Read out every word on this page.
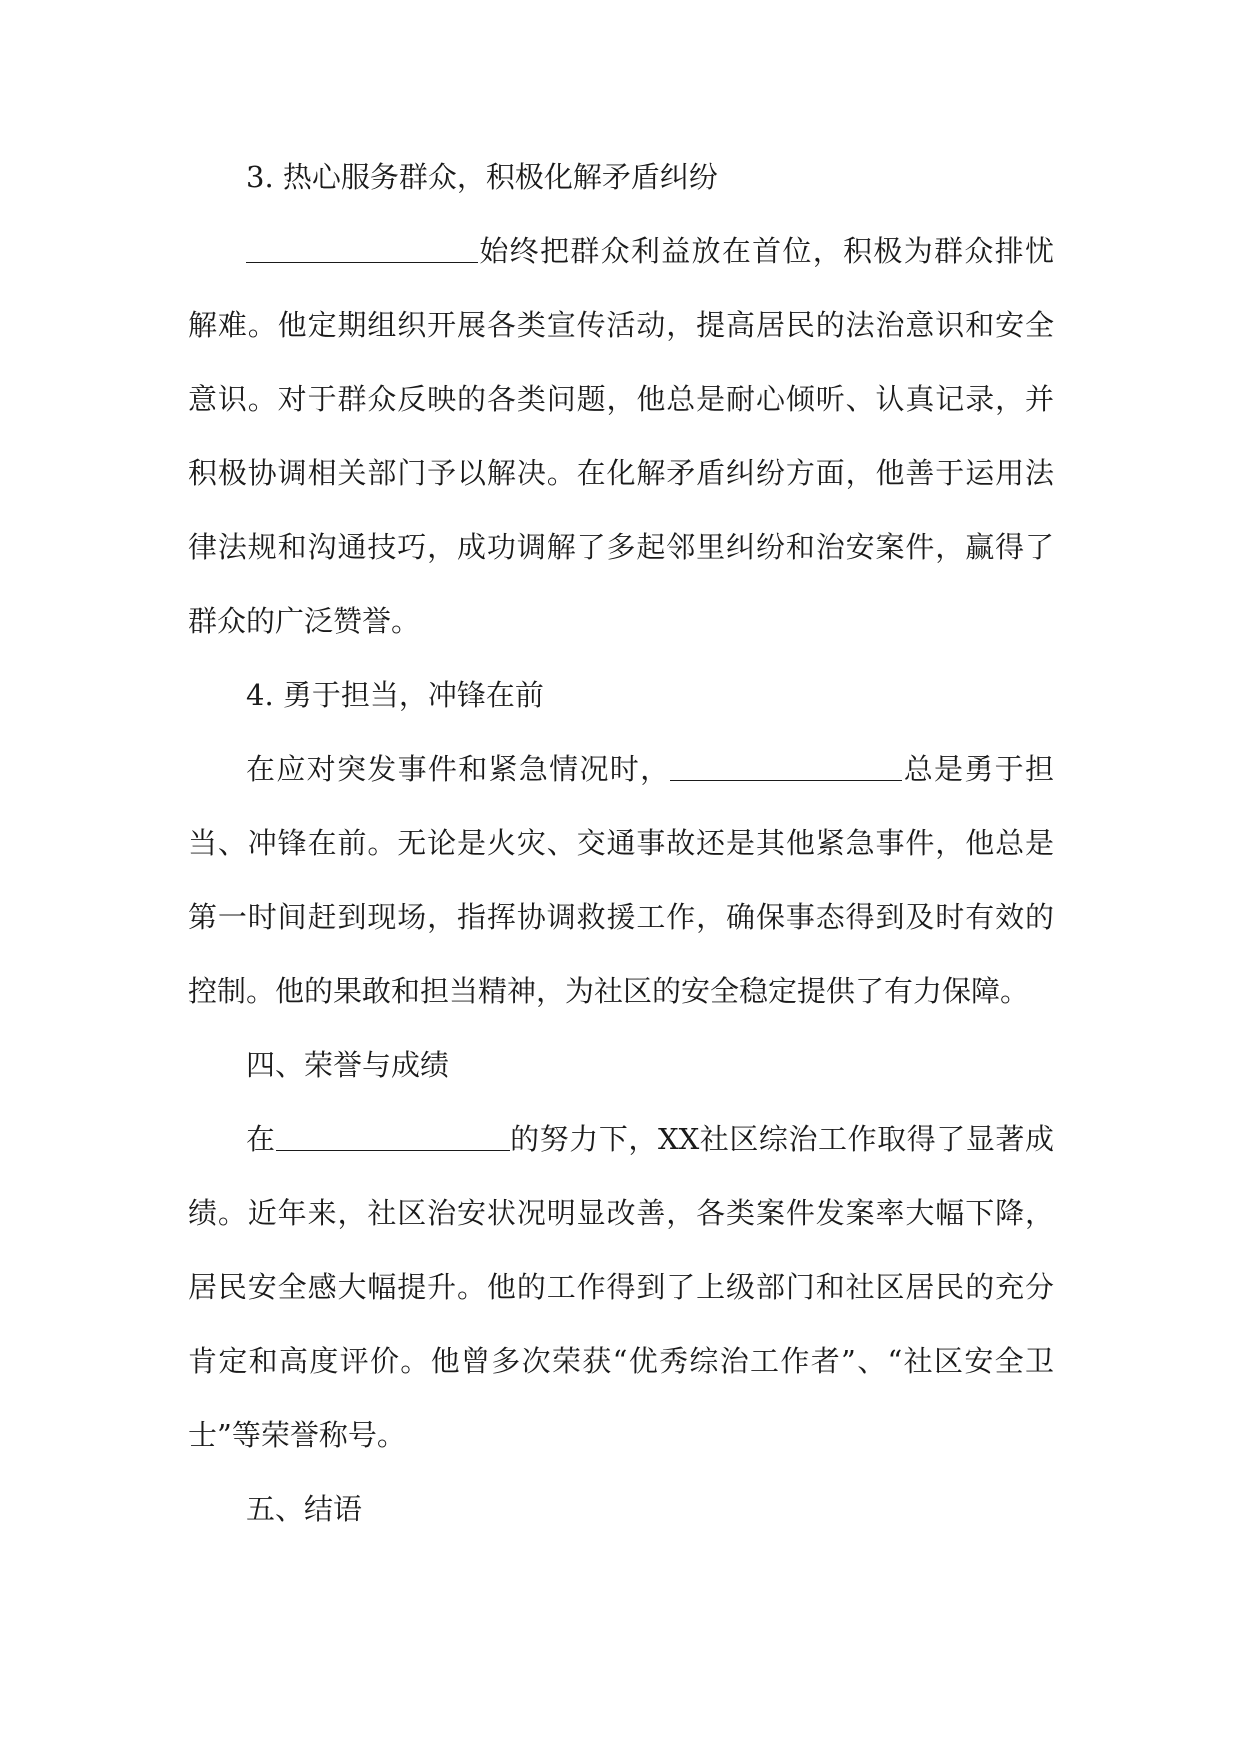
3. 热心服务群众，积极化解矛盾纠纷

始终把群众利益放在首位，积极为群众排忧解难。他定期组织开展各类宣传活动，提高居民的法治意识和安全意识。对于群众反映的各类问题，他总是耐心倾听、认真记录，并积极协调相关部门予以解决。在化解矛盾纠纷方面，他善于运用法律法规和沟通技巧，成功调解了多起邻里纠纷和治安案件，赢得了群众的广泛赞誉。

4. 勇于担当，冲锋在前

在应对突发事件和紧急情况时，	总是勇于担当、冲锋在前。无论是火灾、交通事故还是其他紧急事件，他总是第一时间赶到现场，指挥协调救援工作，确保事态得到及时有效的控制。他的果敢和担当精神，为社区的安全稳定提供了有力保障。

四、荣誉与成绩

在	的努力下，XX社区综治工作取得了显著成绩。近年来，社区治安状况明显改善，各类案件发案率大幅下降，居民安全感大幅提升。他的工作得到了上级部门和社区居民的充分肯定和高度评价。他曾多次荣获“优秀综治工作者”、“社区安全卫士”等荣誉称号。

五、结语
